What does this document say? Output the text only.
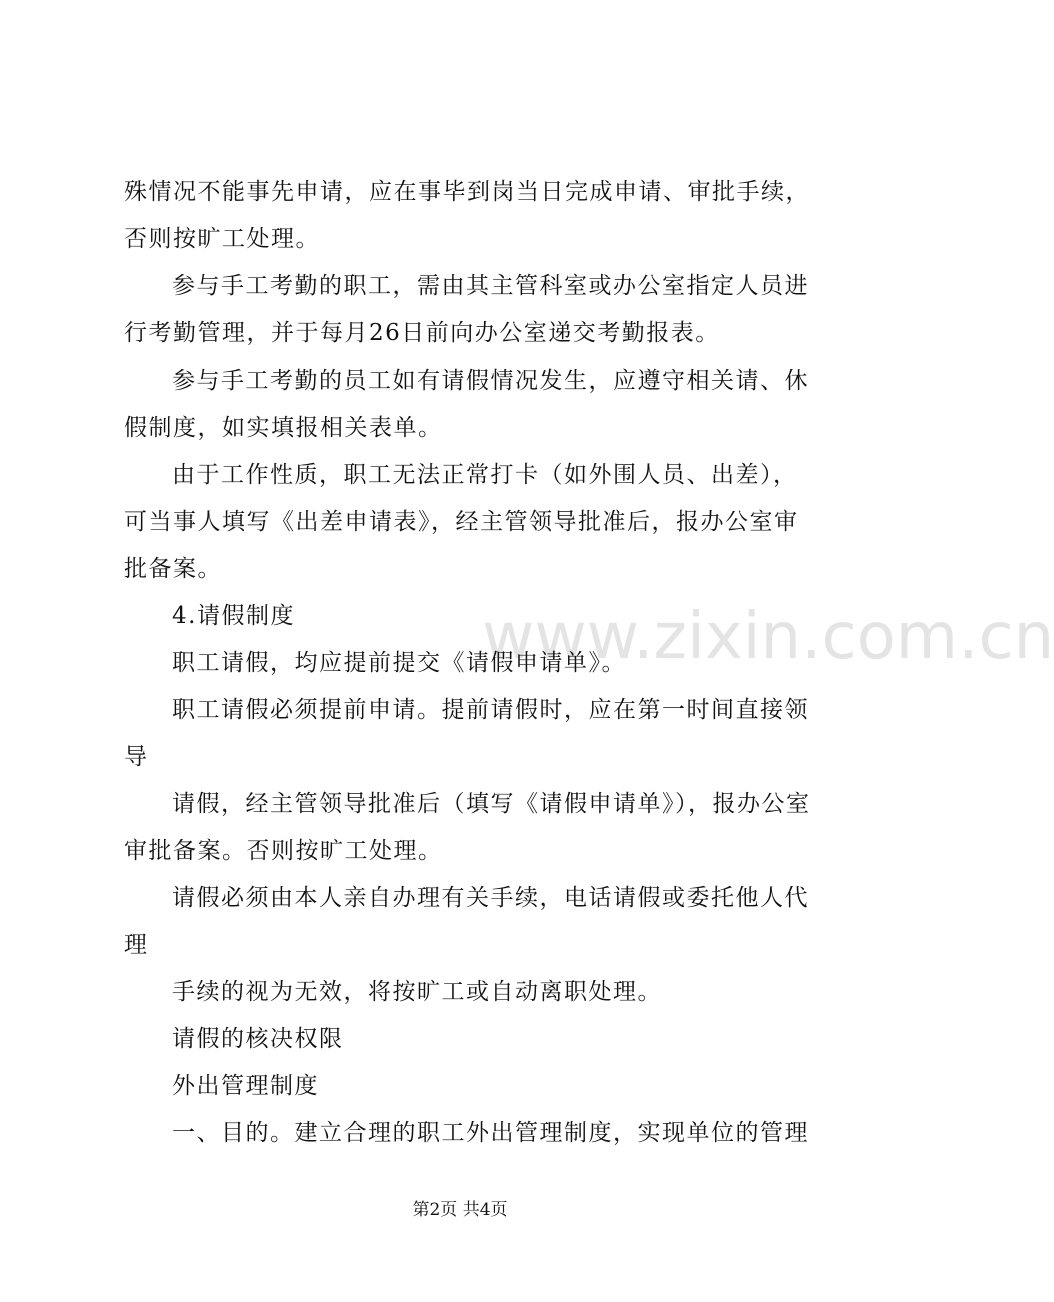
www.zixin.com.cn
殊情况不能事先申请，应在事毕到岗当日完成申请、审批手续，
否则按旷工处理。
参与手工考勤的职工，需由其主管科室或办公室指定人员进
行考勤管理，并于每月26日前向办公室递交考勤报表。
参与手工考勤的员工如有请假情况发生，应遵守相关请、休
假制度，如实填报相关表单。
由于工作性质，职工无法正常打卡（如外围人员、出差），
可当事人填写《出差申请表》，经主管领导批准后，报办公室审
批备案。
4.请假制度
职工请假，均应提前提交《请假申请单》。
职工请假必须提前申请。提前请假时，应在第一时间直接领
导
请假，经主管领导批准后（填写《请假申请单》），报办公室
审批备案。否则按旷工处理。
请假必须由本人亲自办理有关手续，电话请假或委托他人代
理
手续的视为无效，将按旷工或自动离职处理。
请假的核决权限
外出管理制度
一、目的。建立合理的职工外出管理制度，实现单位的管理
第2页 共4页
